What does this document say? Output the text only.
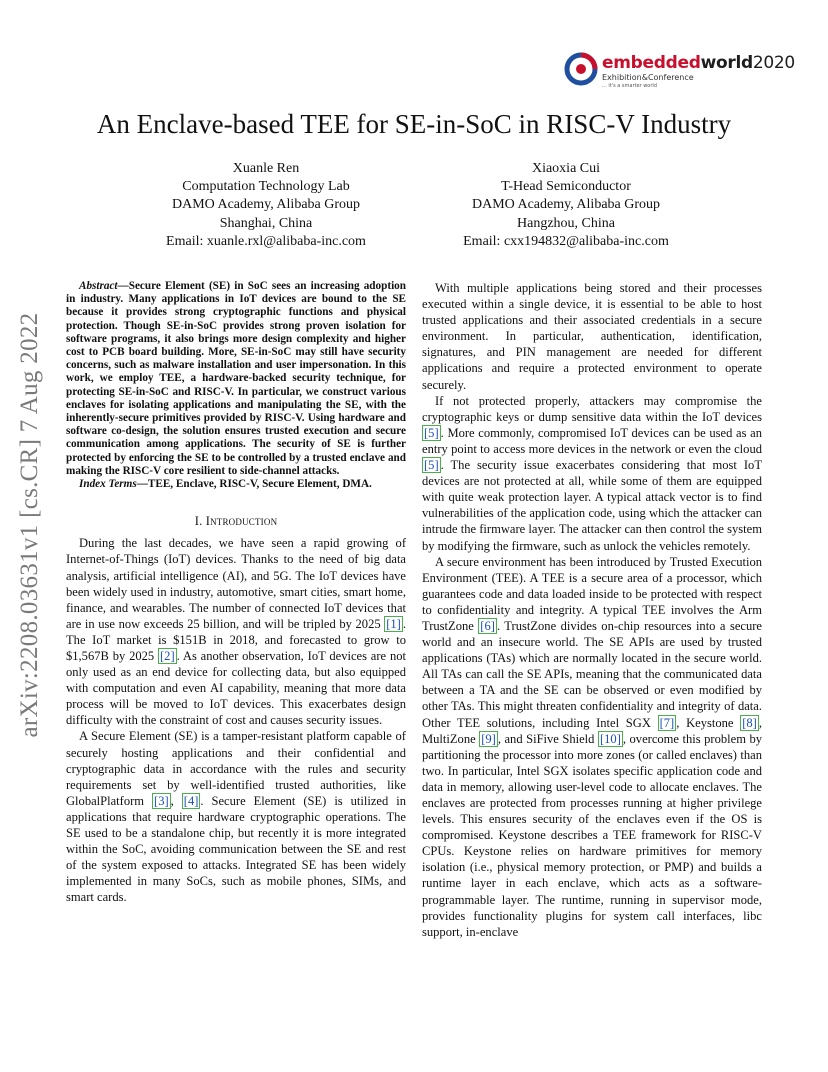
arXiv:2208.03631v1 [cs.CR] 7 Aug 2022
embeddedworld2020
Exhibition&Conference
... it's a smarter world
An Enclave-based TEE for SE-in-SoC in RISC-V Industry
Xuanle Ren
Computation Technology Lab
DAMO Academy, Alibaba Group
Shanghai, China
Email: xuanle.rxl@alibaba-inc.com
Xiaoxia Cui
T-Head Semiconductor
DAMO Academy, Alibaba Group
Hangzhou, China
Email: cxx194832@alibaba-inc.com

Abstract—Secure Element (SE) in SoC sees an increasing adoption in industry. Many applications in IoT devices are bound to the SE because it provides strong cryptographic functions and physical protection. Though SE-in-SoC provides strong proven isolation for software programs, it also brings more design complexity and higher cost to PCB board building. More, SE-in-SoC may still have security concerns, such as malware installation and user impersonation. In this work, we employ TEE, a hardware-backed security technique, for protecting SE-in-SoC and RISC-V. In particular, we construct various enclaves for isolating applications and manipulating the SE, with the inherently-secure primitives provided by RISC-V. Using hardware and software co-design, the solution ensures trusted execution and secure communication among applications. The security of SE is further protected by enforcing the SE to be controlled by a trusted enclave and making the RISC-V core resilient to side-channel attacks.

Index Terms—TEE, Enclave, RISC-V, Secure Element, DMA.

I. Introduction

During the last decades, we have seen a rapid growing of Internet-of-Things (IoT) devices. Thanks to the need of big data analysis, artificial intelligence (AI), and 5G. The IoT devices have been widely used in industry, automotive, smart cities, smart home, finance, and wearables. The number of connected IoT devices that are in use now exceeds 25 billion, and will be tripled by 2025 [1] . The IoT market is $151B in 2018, and forecasted to grow to $1,567B by 2025 [2] . As another observation, IoT devices are not only used as an end device for collecting data, but also equipped with computation and even AI capability, meaning that more data process will be moved to IoT devices. This exacerbates design difficulty with the constraint of cost and causes security issues.

A Secure Element (SE) is a tamper-resistant platform capable of securely hosting applications and their confidential and cryptographic data in accordance with the rules and security requirements set by well-identified trusted authorities, like GlobalPlatform [3] , [4] . Secure Element (SE) is utilized in applications that require hardware cryptographic operations. The SE used to be a standalone chip, but recently it is more integrated within the SoC, avoiding communication between the SE and rest of the system exposed to attacks. Integrated SE has been widely implemented in many SoCs, such as mobile phones, SIMs, and smart cards.

With multiple applications being stored and their processes executed within a single device, it is essential to be able to host trusted applications and their associated credentials in a secure environment. In particular, authentication, identification, signatures, and PIN management are needed for different applications and require a protected environment to operate securely.

If not protected properly, attackers may compromise the cryptographic keys or dump sensitive data within the IoT devices [5] . More commonly, compromised IoT devices can be used as an entry point to access more devices in the network or even the cloud [5] . The security issue exacerbates considering that most IoT devices are not protected at all, while some of them are equipped with quite weak protection layer. A typical attack vector is to find vulnerabilities of the application code, using which the attacker can intrude the firmware layer. The attacker can then control the system by modifying the firmware, such as unlock the vehicles remotely.

A secure environment has been introduced by Trusted Execution Environment (TEE). A TEE is a secure area of a processor, which guarantees code and data loaded inside to be protected with respect to confidentiality and integrity. A typical TEE involves the Arm TrustZone [6] . TrustZone divides on-chip resources into a secure world and an insecure world. The SE APIs are used by trusted applications (TAs) which are normally located in the secure world. All TAs can call the SE APIs, meaning that the communicated data between a TA and the SE can be observed or even modified by other TAs. This might threaten confidentiality and integrity of data. Other TEE solutions, including Intel SGX [7] , Keystone [8] , MultiZone [9] , and SiFive Shield [10] , overcome this problem by partitioning the processor into more zones (or called enclaves) than two. In particular, Intel SGX isolates specific application code and data in memory, allowing user-level code to allocate enclaves. The enclaves are protected from processes running at higher privilege levels. This ensures security of the enclaves even if the OS is compromised. Keystone describes a TEE framework for RISC-V CPUs. Keystone relies on hardware primitives for memory isolation (i.e., physical memory protection, or PMP) and builds a runtime layer in each enclave, which acts as a software-programmable layer. The runtime, running in supervisor mode, provides functionality plugins for system call interfaces, libc support, in-enclave
